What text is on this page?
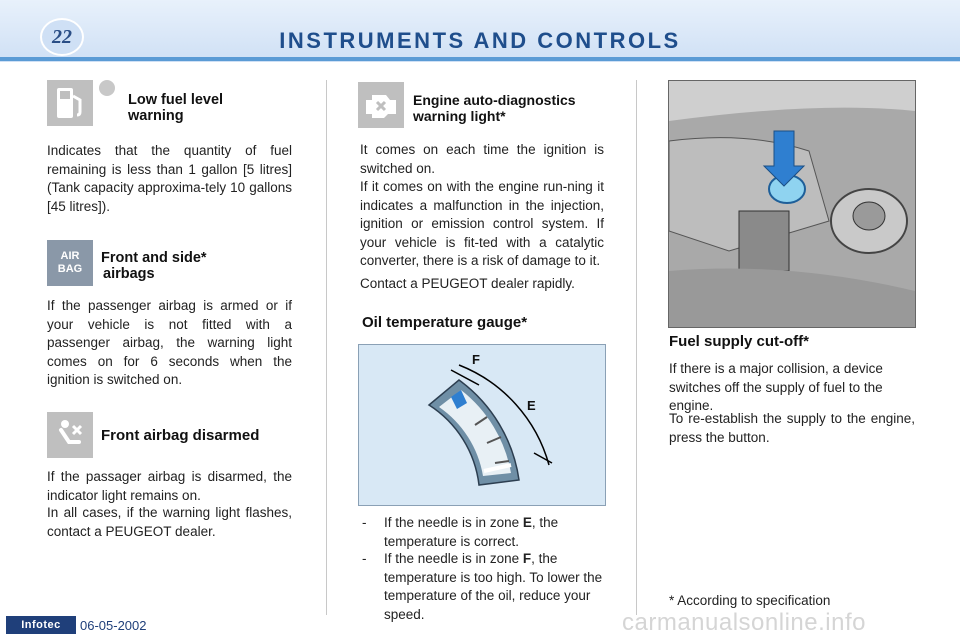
22	INSTRUMENTS AND CONTROLS
Low fuel level
warning
Indicates that the quantity of fuel remaining is less than 1 gallon [5 litres] (Tank capacity approxima-tely 10 gallons [45 litres]).
AIR
BAG
Front and side*
airbags
If the passenger airbag is armed or if your vehicle is not fitted with a passenger airbag, the warning light comes on for 6 seconds when the ignition is switched on.
Front airbag disarmed
If the passager airbag is disarmed, the indicator light remains on.
In all cases, if the warning light flashes, contact a PEUGEOT dealer.
Engine auto-diagnostics
warning light*
It comes on each time the ignition is switched on.
If it comes on with the engine run-ning it indicates a malfunction in the injection, ignition or emission control system. If your vehicle is fit-ted with a catalytic converter, there is a risk of damage to it.
Contact a PEUGEOT dealer rapidly.
Oil temperature gauge*
F
E
-	If the needle is in zone E, the temperature is correct.
-	If the needle is in zone F, the temperature is too high. To lower the temperature of the oil, reduce your speed.
Fuel supply cut-off*
If there is a major collision, a device switches off the supply of fuel to the engine.
To re-establish the supply to the engine, press the button.
* According to specification
Infotec	06-05-2002	carmanualsonline.info
